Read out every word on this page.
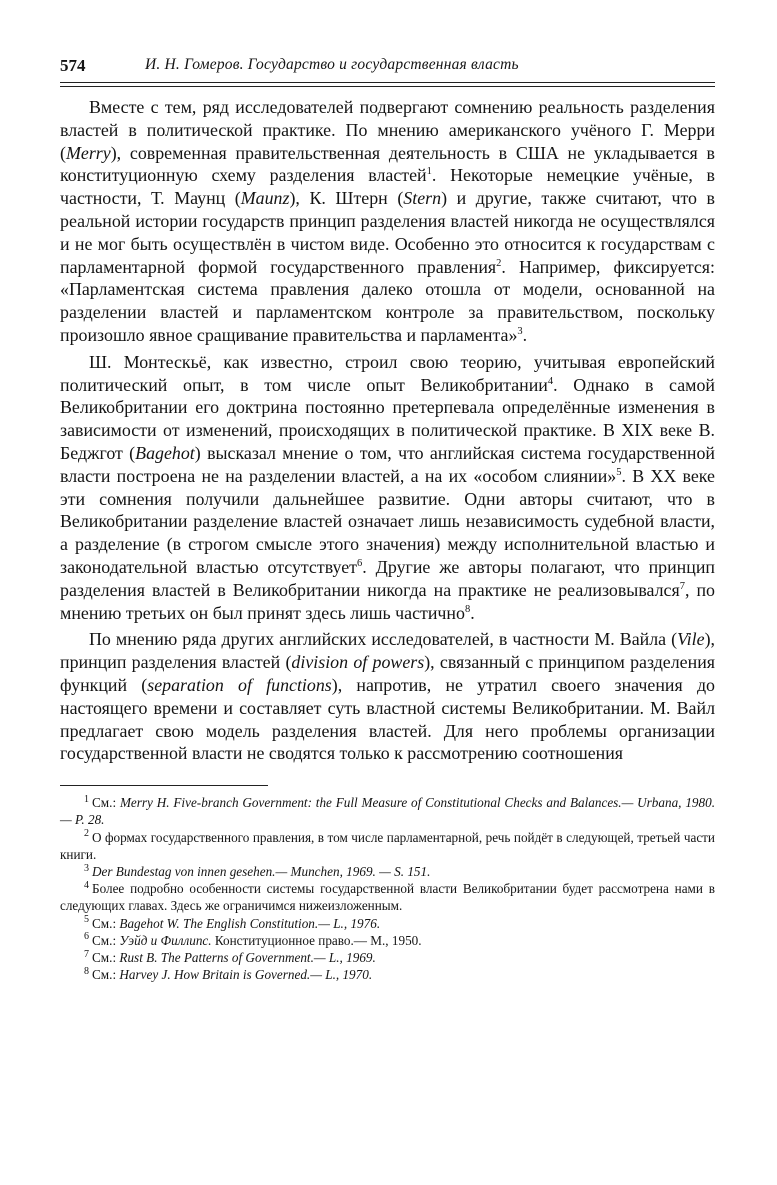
574	И. Н. Гомеров. Государство и государственная власть

Вместе с тем, ряд исследователей подвергают сомнению реальность разделения властей в политической практике. По мнению американского учёного Г. Мерри (Merry), современная правительственная деятельность в США не укладывается в конституционную схему разделения властей$^1$. Некоторые немецкие учёные, в частности, Т. Маунц (Maunz), К. Штерн (Stern) и другие, также считают, что в реальной истории государств принцип разделения властей никогда не осуществлялся и не мог быть осуществлён в чистом виде. Особенно это относится к государствам с парламентарной формой государственного правления$^2$. Например, фиксируется: «Парламентская система правления далеко отошла от модели, основанной на разделении властей и парламентском контроле за правительством, поскольку произошло явное сращивание правительства и парламента»$^3$.

Ш. Монтескьё, как известно, строил свою теорию, учитывая европейский политический опыт, в том числе опыт Великобритании$^4$. Однако в самой Великобритании его доктрина постоянно претерпевала определённые изменения в зависимости от изменений, происходящих в политической практике. В XIX веке В. Беджгот (Bagehot) высказал мнение о том, что английская система государственной власти построена не на разделении властей, а на их «особом слиянии»$^5$. В XX веке эти сомнения получили дальнейшее развитие. Одни авторы считают, что в Великобритании разделение властей означает лишь независимость судебной власти, а разделение (в строгом смысле этого значения) между исполнительной властью и законодательной властью отсутствует$^6$. Другие же авторы полагают, что принцип разделения властей в Великобритании никогда на практике не реализовывался$^7$, по мнению третьих он был принят здесь лишь частично$^8$.

По мнению ряда других английских исследователей, в частности М. Вайла (Vile), принцип разделения властей (division of powers), связанный с принципом разделения функций (separation of functions), напротив, не утратил своего значения до настоящего времени и составляет суть властной системы Великобритании. М. Вайл предлагает свою модель разделения властей. Для него проблемы организации государственной власти не сводятся только к рассмотрению соотношения

$^1$ См.: Merry H. Five-branch Government: the Full Measure of Constitutional Checks and Balances.— Urbana, 1980.— P. 28.

$^2$ О формах государственного правления, в том числе парламентарной, речь пойдёт в следующей, третьей части книги.

$^3$ Der Bundestag von innen gesehen.— Munchen, 1969. — S. 151.

$^4$ Более подробно особенности системы государственной власти Великобритании будет рассмотрена нами в следующих главах. Здесь же ограничимся нижеизложенным.

$^5$ См.: Bagehot W. The English Constitution.— L., 1976.

$^6$ См.: Уэйд и Филлипс. Конституционное право.— М., 1950.

$^7$ См.: Rust B. The Patterns of Government.— L., 1969.

$^8$ См.: Harvey J. How Britain is Governed.— L., 1970.
